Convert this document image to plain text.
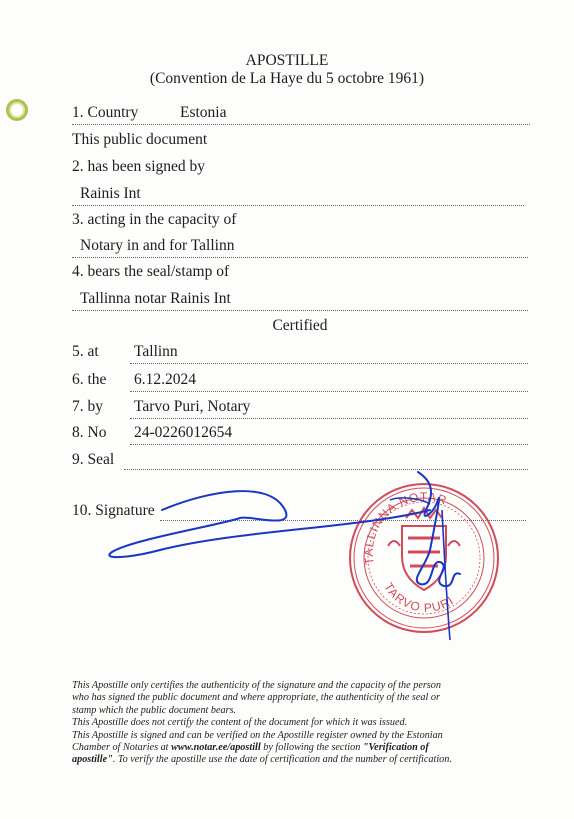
APOSTILLE
(Convention de La Haye du 5 octobre 1961)
1. Country	Estonia
This public document
2. has been signed by
Rainis Int
3. acting in the capacity of
Notary in and for Tallinn
4. bears the seal/stamp of
Tallinna notar Rainis Int
Certified
5. at Tallinn
6. the 6.12.2024
7. by Tarvo Puri, Notary
8. No 24-0226012654
9. Seal
10. Signature
TALLINNA NOTAR
TARVO PURI
This Apostille only certifies the authenticity of the signature and the capacity of the person
who has signed the public document and where appropriate, the authenticity of the seal or
stamp which the public document bears.
This Apostille does not certify the content of the document for which it was issued.
This Apostille is signed and can be verified on the Apostille register owned by the Estonian
Chamber of Notaries at www.notar.ee/apostill by following the section "Verification of
apostille". To verify the apostille use the date of certification and the number of certification.
